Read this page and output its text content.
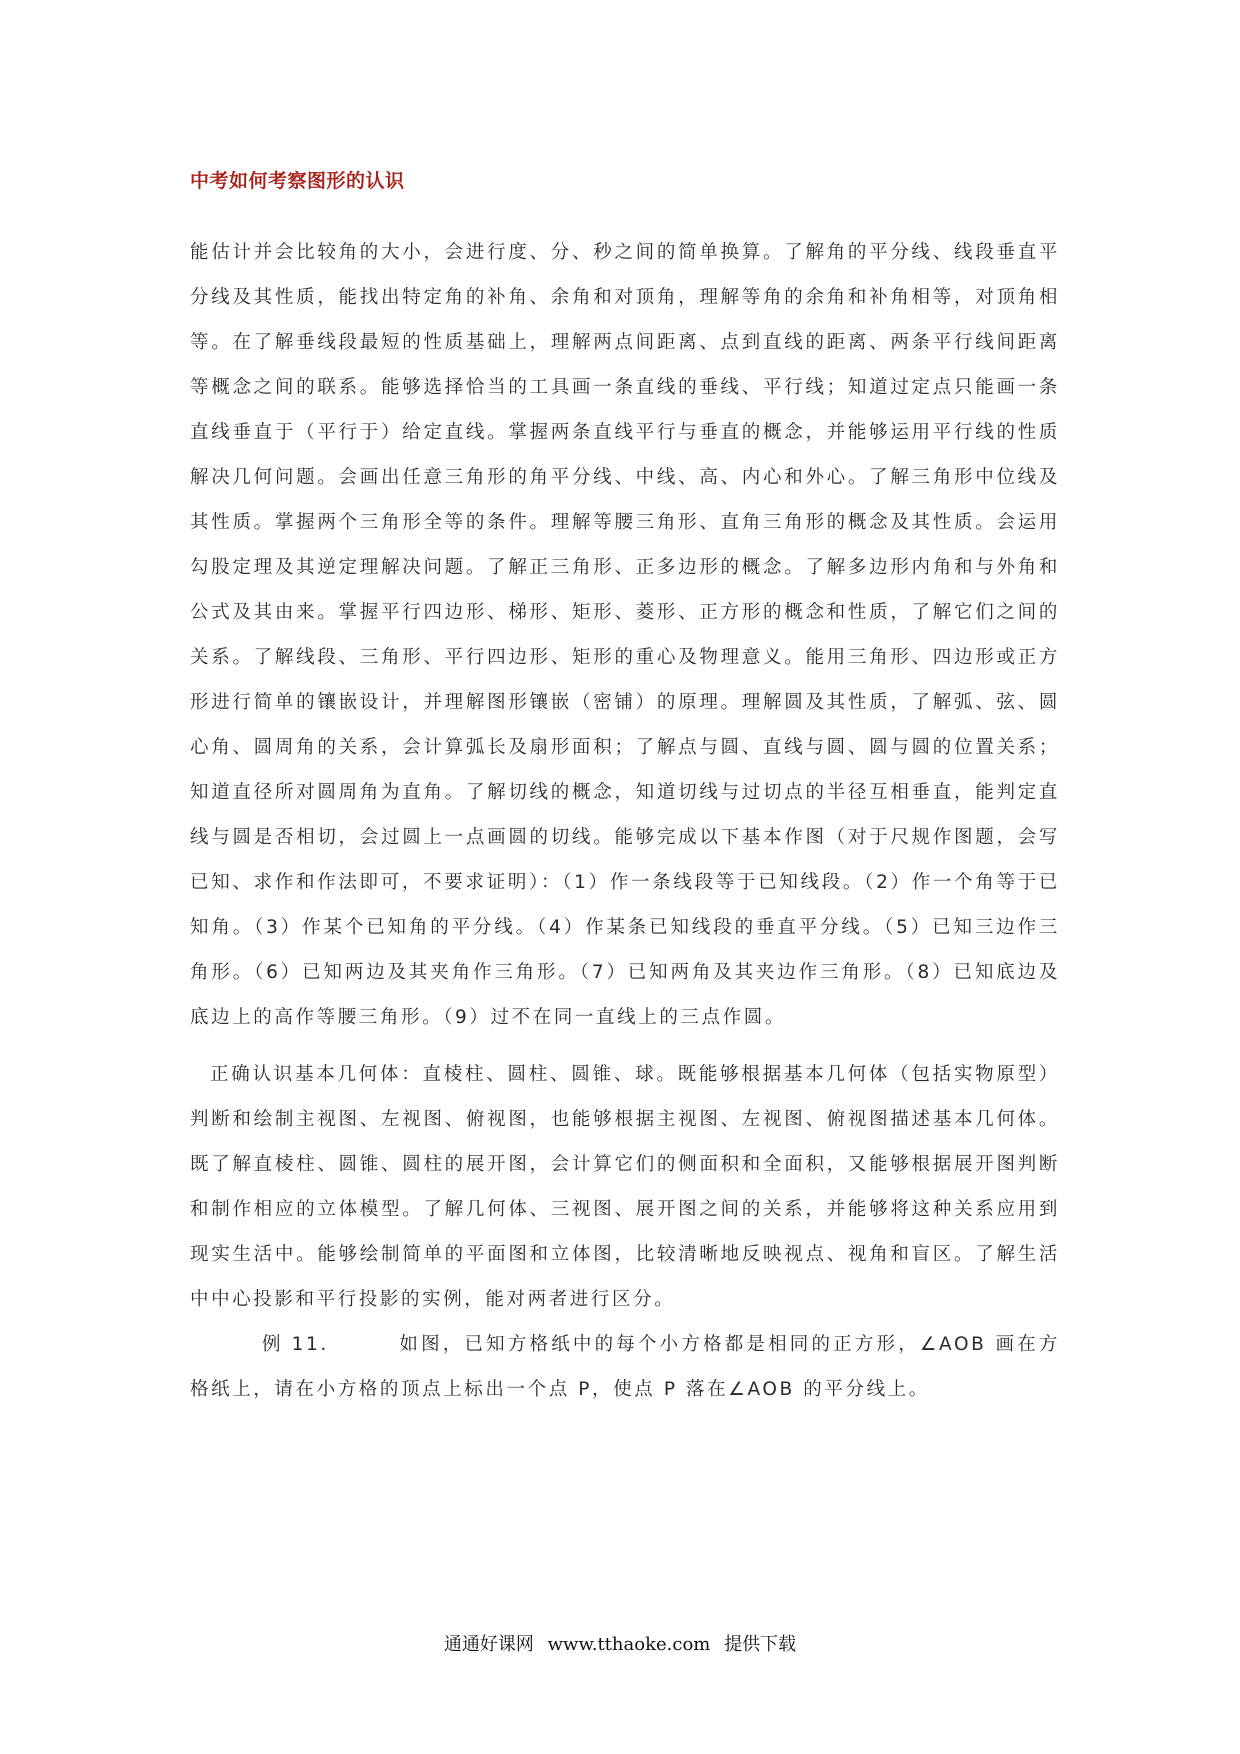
中考如何考察图形的认识

能估计并会比较角的大小，会进行度、分、秒之间的简单换算。了解角的平分线、线段垂直平分线及其性质，能找出特定角的补角、余角和对顶角，理解等角的余角和补角相等，对顶角相等。在了解垂线段最短的性质基础上，理解两点间距离、点到直线的距离、两条平行线间距离等概念之间的联系。能够选择恰当的工具画一条直线的垂线、平行线；知道过定点只能画一条直线垂直于（平行于）给定直线。掌握两条直线平行与垂直的概念，并能够运用平行线的性质解决几何问题。会画出任意三角形的角平分线、中线、高、内心和外心。了解三角形中位线及其性质。掌握两个三角形全等的条件。理解等腰三角形、直角三角形的概念及其性质。会运用勾股定理及其逆定理解决问题。了解正三角形、正多边形的概念。了解多边形内角和与外角和公式及其由来。掌握平行四边形、梯形、矩形、菱形、正方形的概念和性质，了解它们之间的关系。了解线段、三角形、平行四边形、矩形的重心及物理意义。能用三角形、四边形或正方形进行简单的镶嵌设计，并理解图形镶嵌（密铺）的原理。理解圆及其性质，了解弧、弦、圆心角、圆周角的关系，会计算弧长及扇形面积；了解点与圆、直线与圆、圆与圆的位置关系；知道直径所对圆周角为直角。了解切线的概念，知道切线与过切点的半径互相垂直，能判定直线与圆是否相切，会过圆上一点画圆的切线。能够完成以下基本作图（对于尺规作图题，会写已知、求作和作法即可，不要求证明）：（1）作一条线段等于已知线段。（2）作一个角等于已知角。（3）作某个已知角的平分线。（4）作某条已知线段的垂直平分线。（5）已知三边作三角形。（6）已知两边及其夹角作三角形。（7）已知两角及其夹边作三角形。（8）已知底边及底边上的高作等腰三角形。（9）过不在同一直线上的三点作圆。

正确认识基本几何体：直棱柱、圆柱、圆锥、球。既能够根据基本几何体（包括实物原型）判断和绘制主视图、左视图、俯视图，也能够根据主视图、左视图、俯视图描述基本几何体。既了解直棱柱、圆锥、圆柱的展开图，会计算它们的侧面积和全面积，又能够根据展开图判断和制作相应的立体模型。了解几何体、三视图、展开图之间的关系，并能够将这种关系应用到现实生活中。能够绘制简单的平面图和立体图，比较清晰地反映视点、视角和盲区。了解生活中中心投影和平行投影的实例，能对两者进行区分。

例 11.	如图，已知方格纸中的每个小方格都是相同的正方形，∠AOB 画在方格纸上，请在小方格的顶点上标出一个点 P，使点 P 落在∠AOB 的平分线上。

通通好课网 www.tthaoke.com 提供下载
